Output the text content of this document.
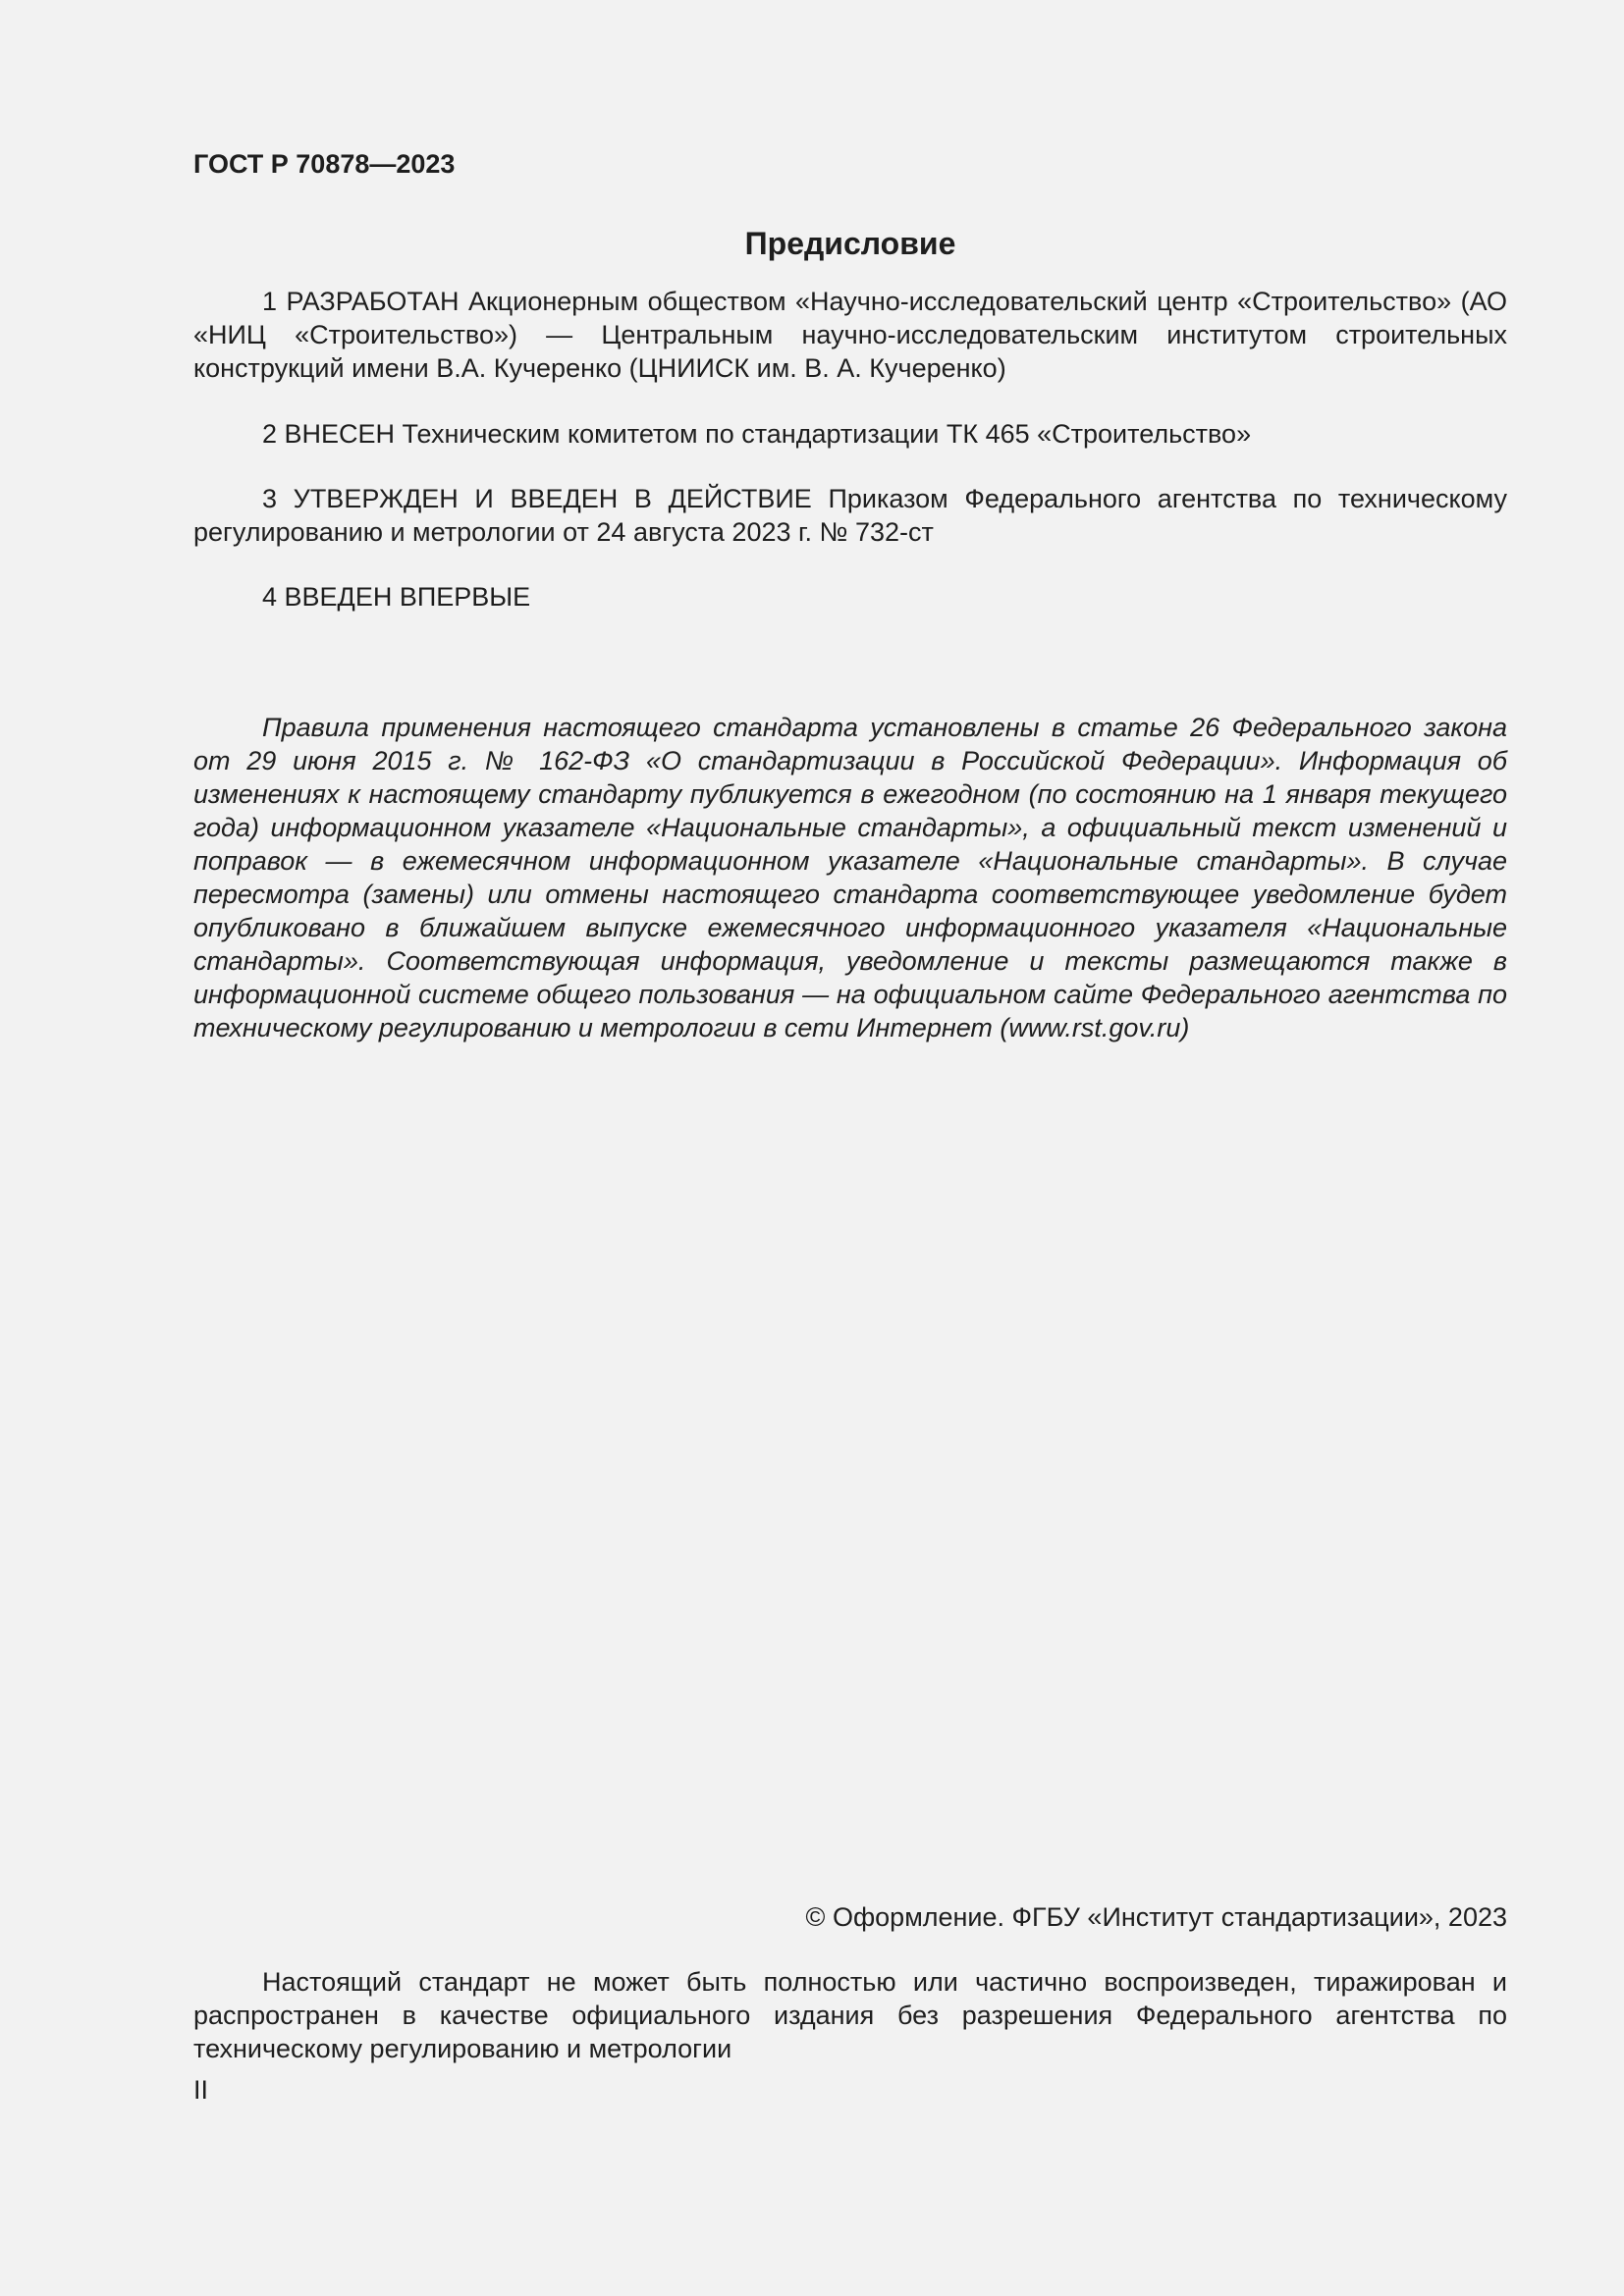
ГОСТ Р 70878—2023
Предисловие

1 РАЗРАБОТАН Акционерным обществом «Научно-исследовательский центр «Строительство» (АО «НИЦ «Строительство») — Центральным научно-исследовательским институтом строительных конструкций имени В.А. Кучеренко (ЦНИИСК им. В. А. Кучеренко)

2 ВНЕСЕН Техническим комитетом по стандартизации ТК 465 «Строительство»

3 УТВЕРЖДЕН И ВВЕДЕН В ДЕЙСТВИЕ Приказом Федерального агентства по техническому регулированию и метрологии от 24 августа 2023 г. № 732-ст

4 ВВЕДЕН ВПЕРВЫЕ

Правила применения настоящего стандарта установлены в статье 26 Федерального закона от 29 июня 2015 г. № 162-ФЗ «О стандартизации в Российской Федерации». Информация об изменениях к настоящему стандарту публикуется в ежегодном (по состоянию на 1 января текущего года) информационном указателе «Национальные стандарты», а официальный текст изменений и поправок — в ежемесячном информационном указателе «Национальные стандарты». В случае пересмотра (замены) или отмены настоящего стандарта соответствующее уведомление будет опубликовано в ближайшем выпуске ежемесячного информационного указателя «Национальные стандарты». Соответствующая информация, уведомление и тексты размещаются также в информационной системе общего пользования — на официальном сайте Федерального агентства по техническому регулированию и метрологии в сети Интернет (www.rst.gov.ru)

© Оформление. ФГБУ «Институт стандартизации», 2023

Настоящий стандарт не может быть полностью или частично воспроизведен, тиражирован и распространен в качестве официального издания без разрешения Федерального агентства по техническому регулированию и метрологии

II
